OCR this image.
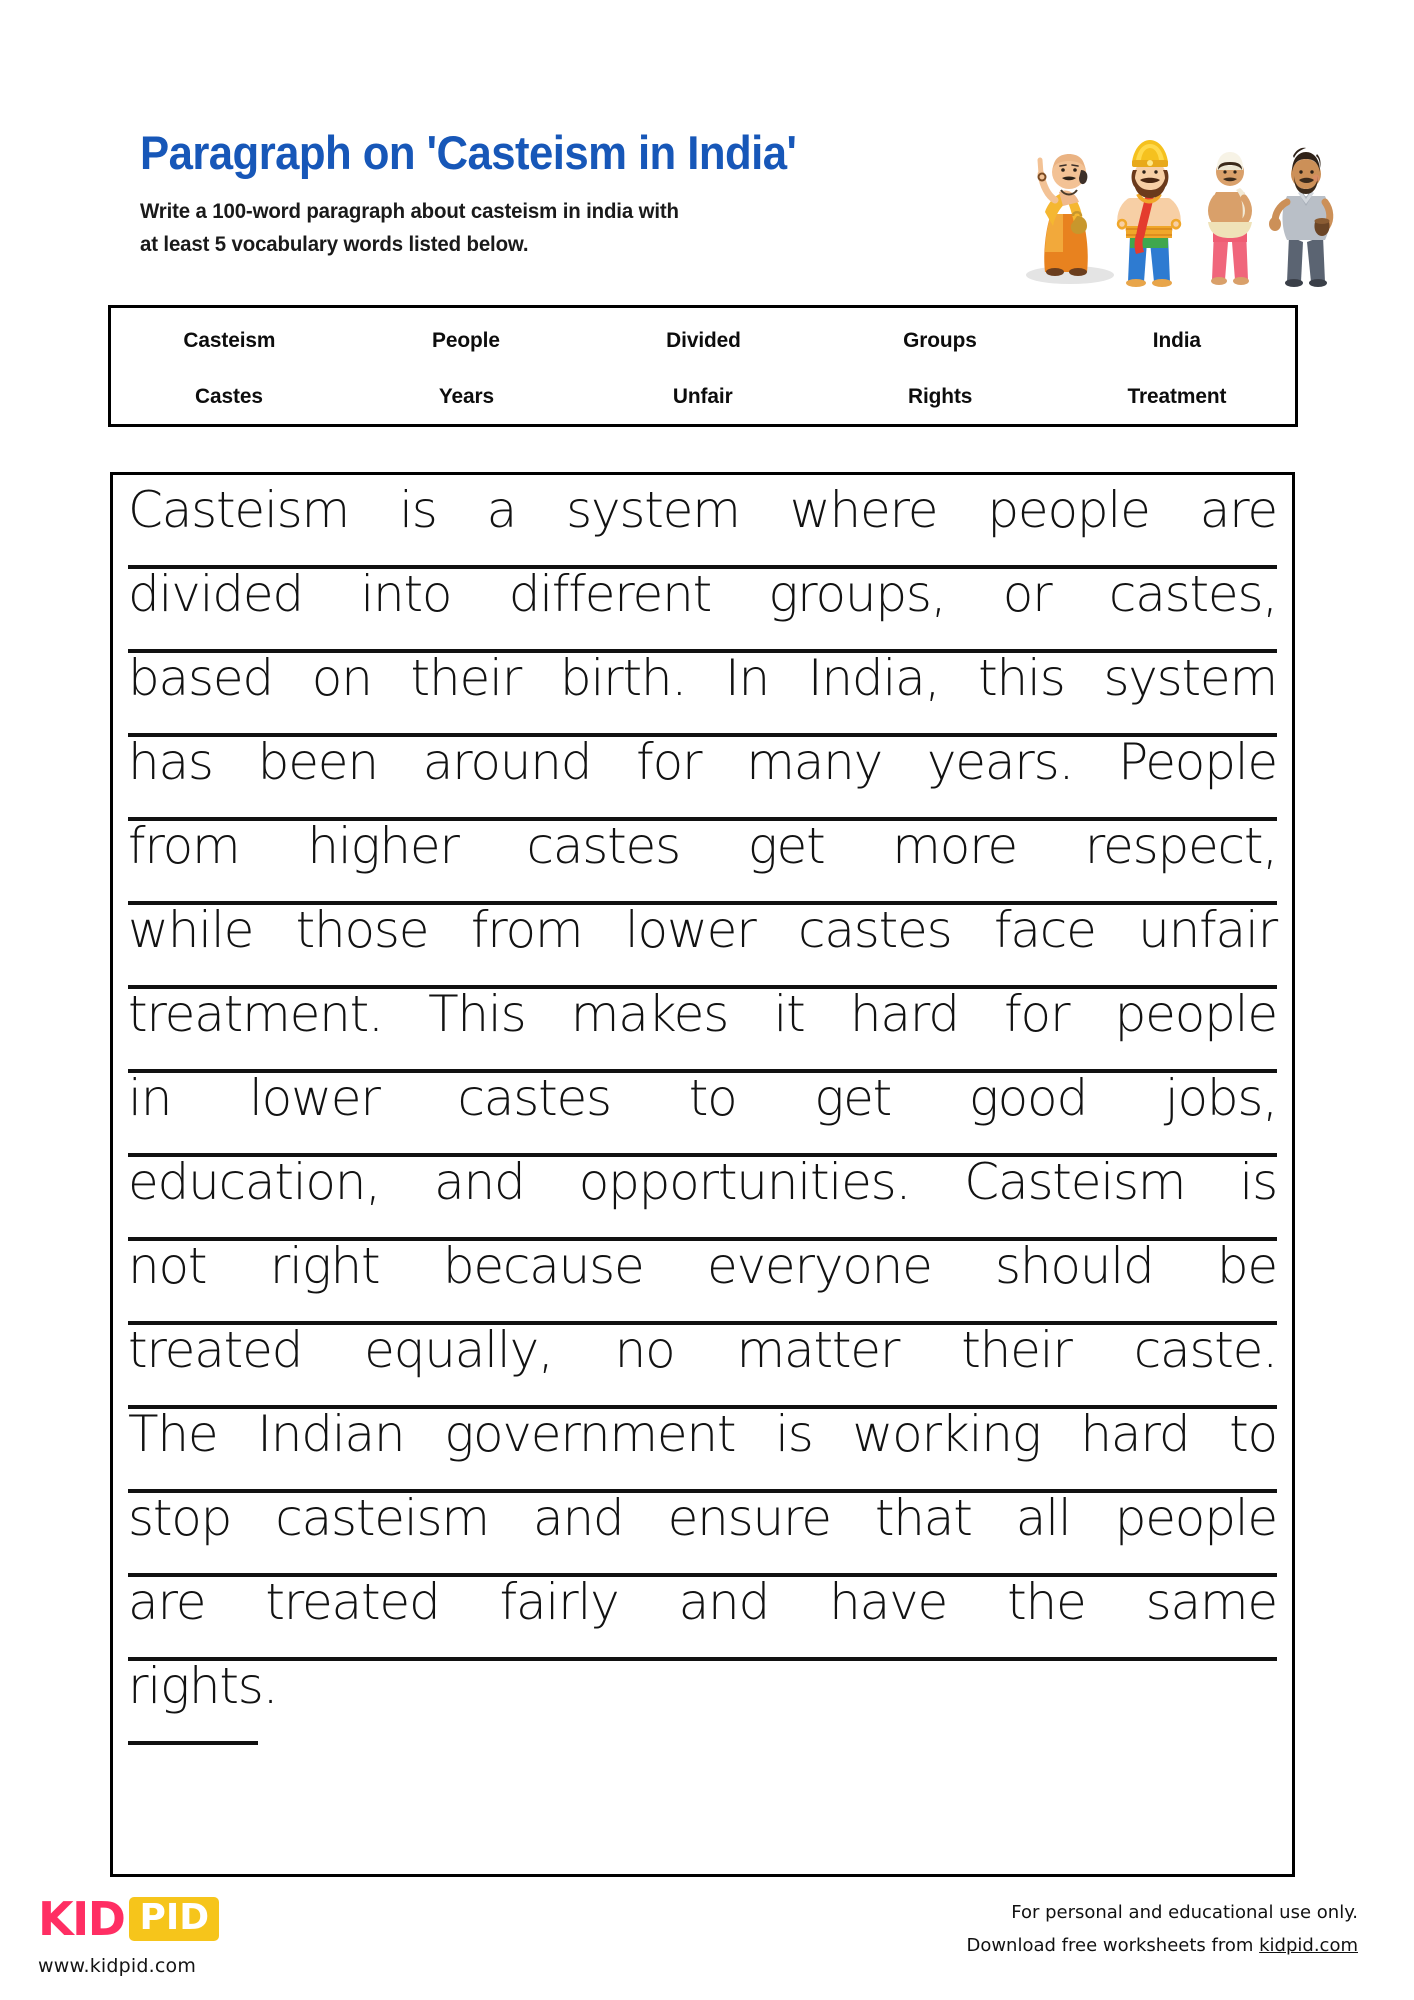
Paragraph on 'Casteism in India'
Write a 100-word paragraph about casteism in india with
at least 5 vocabulary words listed below.
Casteism	People	Divided	Groups	India
Castes	Years	Unfair	Rights	Treatment
Casteism is a system where people are
divided into different groups, or castes,
based on their birth. In India, this system
has been around for many years. People
from higher castes get more respect,
while those from lower castes face unfair
treatment. This makes it hard for people
in lower castes to get good jobs,
education, and opportunities. Casteism is
not right because everyone should be
treated equally, no matter their caste.
The Indian government is working hard to
stop casteism and ensure that all people
are treated fairly and have the same
rights.
KID PID
www.kidpid.com
For personal and educational use only.
Download free worksheets from kidpid.com
